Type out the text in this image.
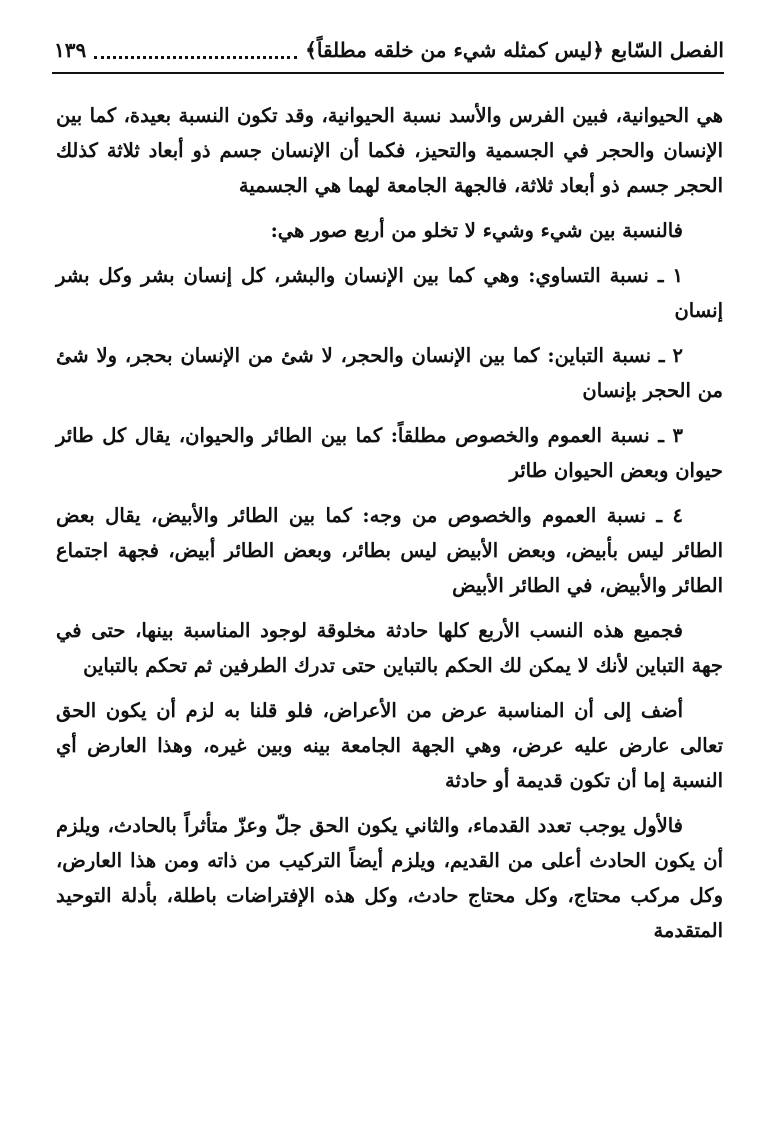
الفصل السّابع ﴿ليس كمثله شيء من خلقه مطلقاً﴾
١٣٩

هي الحيوانية، فبين الفرس والأسد نسبة الحيوانية، وقد تكون النسبة بعيدة، كما بين الإنسان والحجر في الجسمية والتحيز، فكما أن الإنسان جسم ذو أبعاد ثلاثة كذلك الحجر جسم ذو أبعاد ثلاثة، فالجهة الجامعة لهما هي الجسمية

فالنسبة بين شيء وشيء لا تخلو من أربع صور هي:

١ ـ نسبة التساوي: وهي كما بين الإنسان والبشر، كل إنسان بشر وكل بشر إنسان

٢ ـ نسبة التباين: كما بين الإنسان والحجر، لا شئ من الإنسان بحجر، ولا شئ من الحجر بإنسان

٣ ـ نسبة العموم والخصوص مطلقاً: كما بين الطائر والحيوان، يقال كل طائر حيوان وبعض الحيوان طائر

٤ ـ نسبة العموم والخصوص من وجه: كما بين الطائر والأبيض، يقال بعض الطائر ليس بأبيض، وبعض الأبيض ليس بطائر، وبعض الطائر أبيض، فجهة اجتماع الطائر والأبيض، في الطائر الأبيض

فجميع هذه النسب الأربع كلها حادثة مخلوقة لوجود المناسبة بينها، حتى في جهة التباين لأنك لا يمكن لك الحكم بالتباين حتى تدرك الطرفين ثم تحكم بالتباين

أضف إلى أن المناسبة عرض من الأعراض، فلو قلنا به لزم أن يكون الحق تعالى عارض عليه عرض، وهي الجهة الجامعة بينه وبين غيره، وهذا العارض أي النسبة إما أن تكون قديمة أو حادثة

فالأول يوجب تعدد القدماء، والثاني يكون الحق جلّ وعزّ متأثراً بالحادث، ويلزم أن يكون الحادث أعلى من القديم، ويلزم أيضاً التركيب من ذاته ومن هذا العارض، وكل مركب محتاج، وكل محتاج حادث، وكل هذه الإفتراضات باطلة، بأدلة التوحيد المتقدمة
